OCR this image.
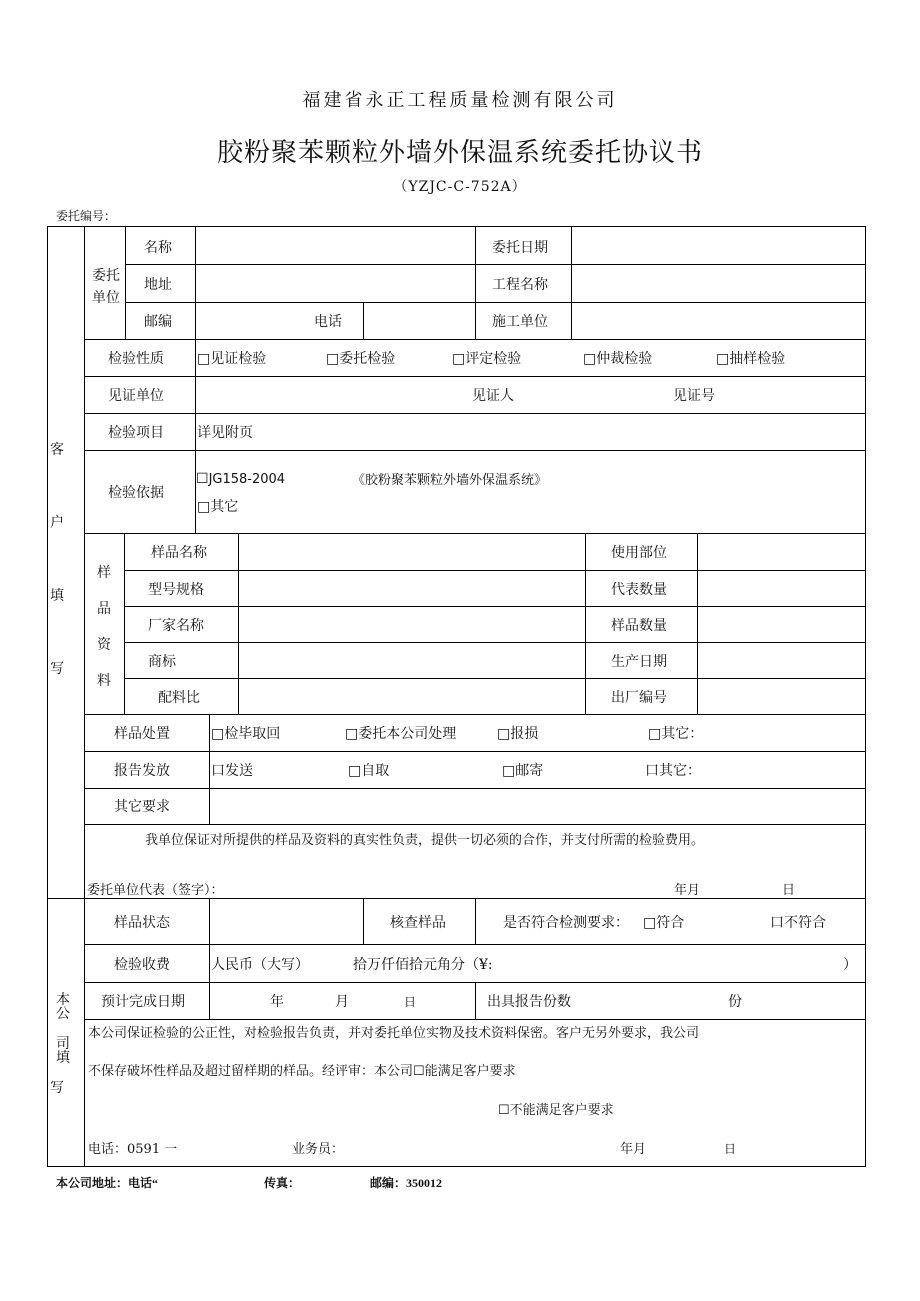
福建省永正工程质量检测有限公司
胶粉聚苯颗粒外墙外保温系统委托协议书
（YZJC-C-752A）
委托编号：
客
户
填
写
本 公
司 填
写
委托
单位
名称	委托日期
地址	工程名称
邮编	电话	施工单位
检验性质 □见证检验	□委托检验	□评定检验	□仲裁检验	□抽样检验
见证单位	见证人	见证号
检验项目 详见附页
检验依据
☐JG158-2004	《胶粉聚苯颗粒外墙外保温系统》
□其它
样
品
资
料
样品名称	使用部位
型号规格	代表数量
厂家名称	样品数量
商标	生产日期
配料比	出厂编号
样品处置	□检毕取回	□委托本公司处理	□报损	□其它：
报告发放	口发送	□自取	□邮寄	口其它：
其它要求
我单位保证对所提供的样品及资料的真实性负责，提供一切必须的合作，并支付所需的检验费用。
委托单位代表（签字）：	年月	日
样品状态	核查样品	是否符合检测要求： □符合	口不符合
检验收费	人民币（大写）	拾万仟佰拾元角分（¥:	）
预计完成日期	年	月	日	出具报告份数	份
本公司保证检验的公正性，对检验报告负责，并对委托单位实物及技术资料保密。客户无另外要求，我公司
不保存破坏性样品及超过留样期的样品。经评审：本公司☐能满足客户要求
☐不能满足客户要求
电话：0591 一	业务员：	年月	日
本公司地址：电话“	传真：	邮编：350012
